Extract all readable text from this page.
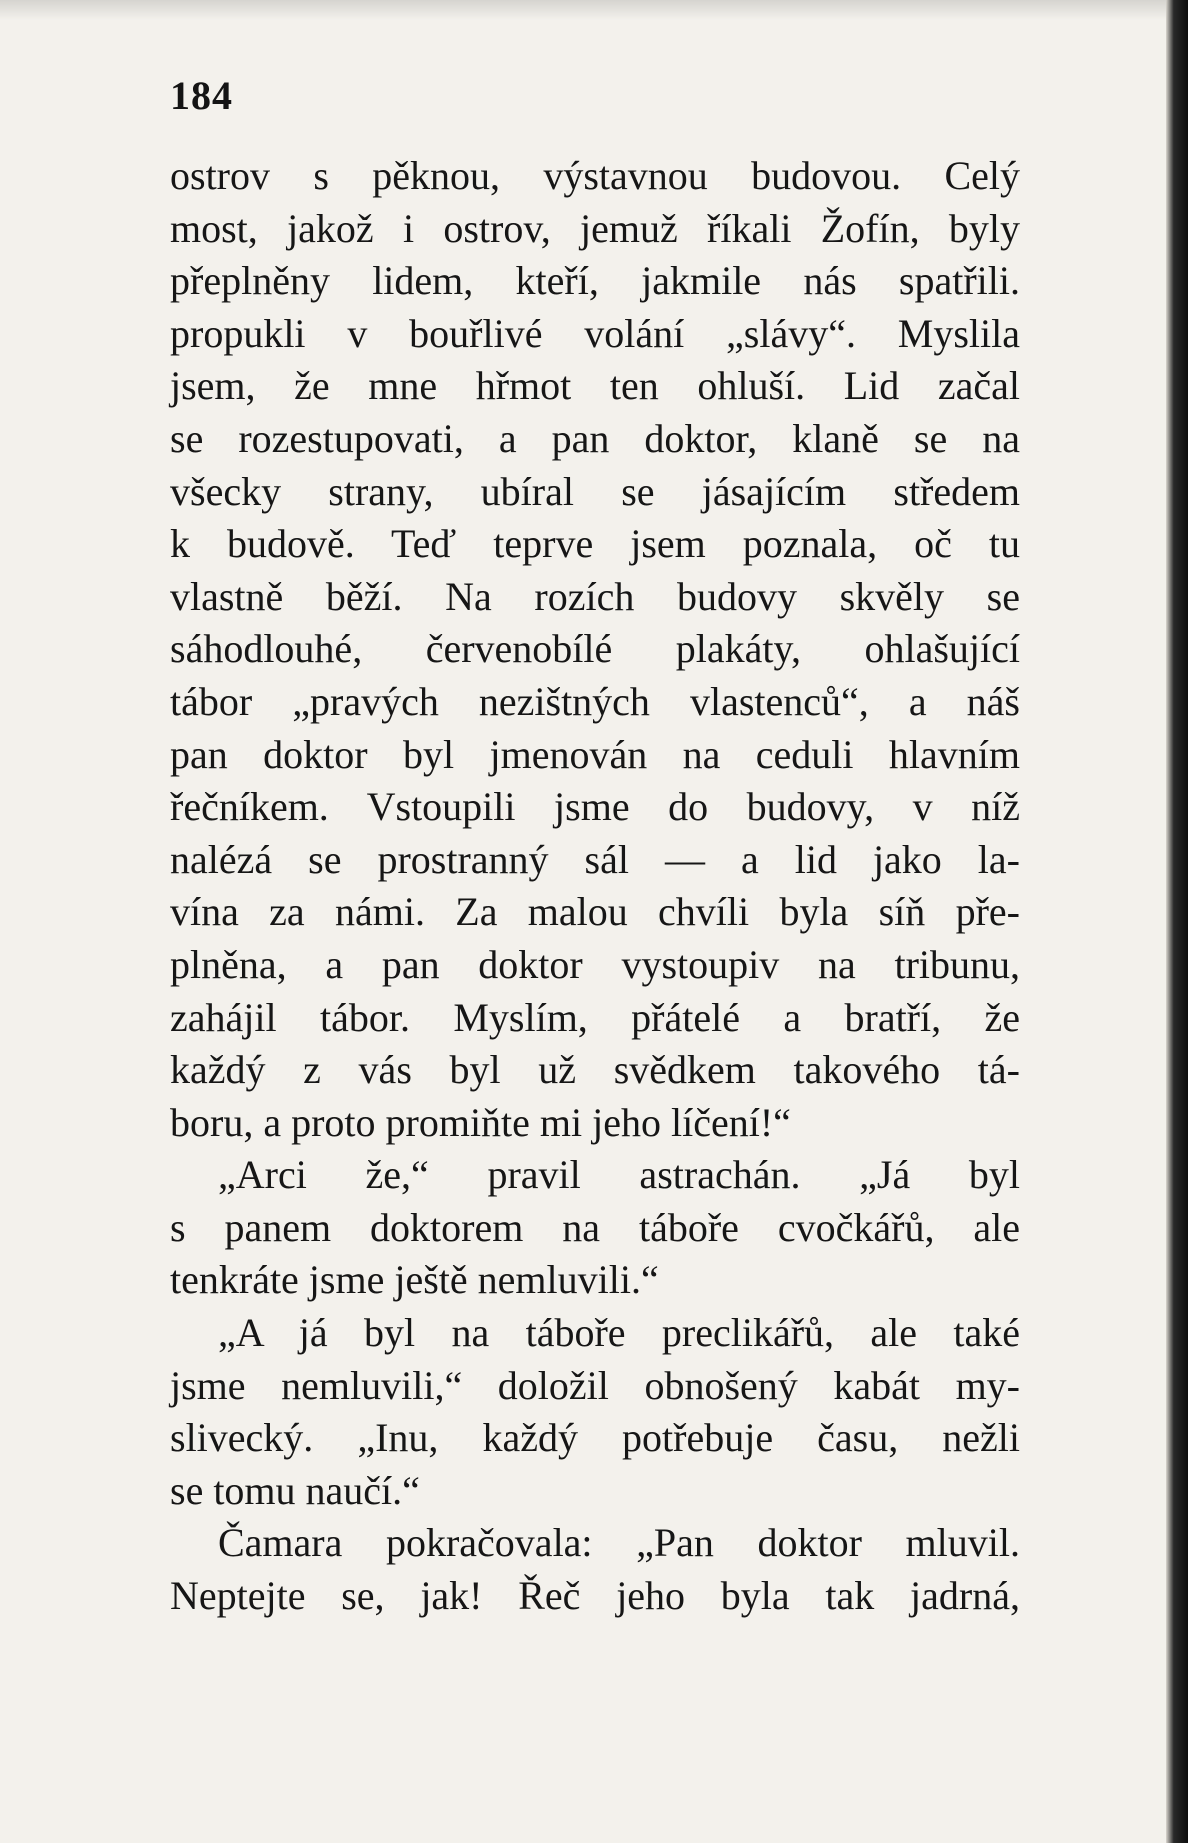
184
ostrov s pěknou, výstavnou budovou. Celý
most, jakož i ostrov, jemuž říkali Žofín, byly
přeplněny lidem, kteří, jakmile nás spatřili.
propukli v bouřlivé volání „slávy“. Myslila
jsem, že mne hřmot ten ohluší. Lid začal
se rozestupovati, a pan doktor, klaně se na
všecky strany, ubíral se jásajícím středem
k budově. Teď teprve jsem poznala, oč tu
vlastně běží. Na rozích budovy skvěly se
sáhodlouhé, červenobílé plakáty, ohlašující
tábor „pravých nezištných vlastenců“, a náš
pan doktor byl jmenován na ceduli hlavním
řečníkem. Vstoupili jsme do budovy, v níž
nalézá se prostranný sál — a lid jako la-
vína za námi. Za malou chvíli byla síň pře-
plněna, a pan doktor vystoupiv na tribunu,
zahájil tábor. Myslím, přátelé a bratří, že
každý z vás byl už svědkem takového tá-
boru, a proto promiňte mi jeho líčení!“
„Arci že,“ pravil astrachán. „Já byl
s panem doktorem na táboře cvočkářů, ale
tenkráte jsme ještě nemluvili.“
„A já byl na táboře preclikářů, ale také
jsme nemluvili,“ doložil obnošený kabát my-
slivecký. „Inu, každý potřebuje času, nežli
se tomu naučí.“
Čamara pokračovala: „Pan doktor mluvil.
Neptejte se, jak! Řeč jeho byla tak jadrná,
